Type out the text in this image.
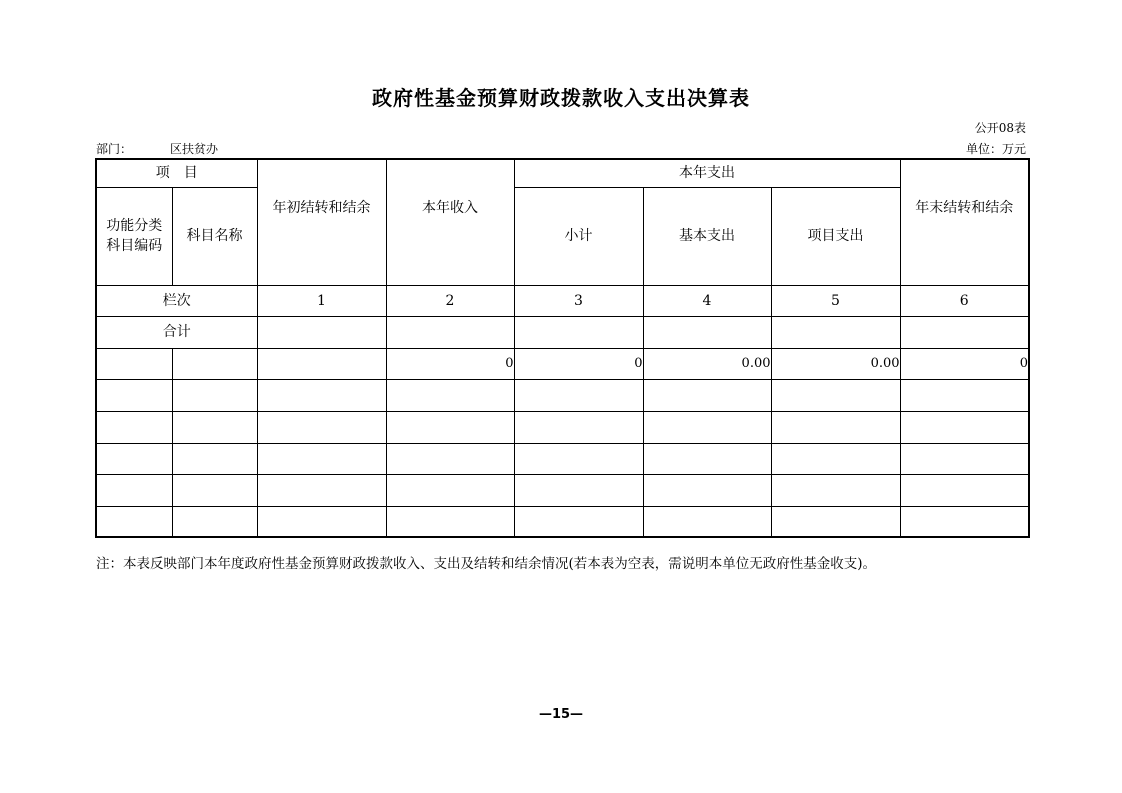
政府性基金预算财政拨款收入支出决算表
公开08表
部门：	区扶贫办	单位：万元
项　目		年初结转和结余	本年收入	本年支出			年末结转和结余

功能分类科目编码	科目名称			小计	基本支出	项目支出	
栏次		1	2	3	4	5	6
合计							
			0	0	0.00	0.00	0

注：本表反映部门本年度政府性基金预算财政拨款收入、支出及结转和结余情况(若本表为空表，需说明本单位无政府性基金收支)。
—15—
